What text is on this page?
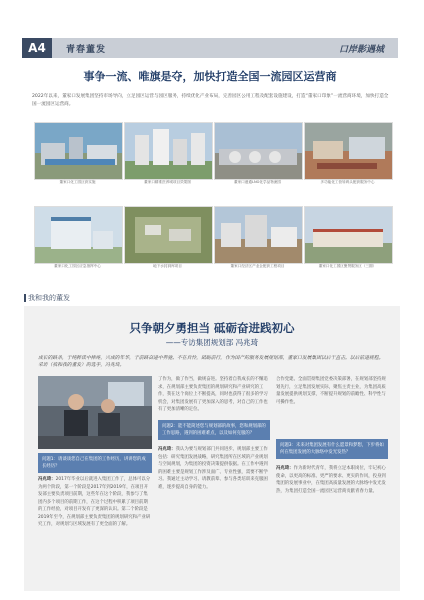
A4	青春董发	口岸影遇城
事争一流、唯旗是夺，加快打造全国一流园区运营商
2022年以来，董家口发展集团坚持市场导向，立足园区运营与园区服务，持续优化产业布局，完善园区公用工程及配套设施建设，打造“董家口印象”一流营商环境，加快打造全国一流园区运营商。
董家口化工园区套实施	董家口精准医养城项目效果图	董家口港通LNG化学品物流园	多功能化工营转码头配套服务中心
董家口化工园区应急指挥中心	地下水封洞库项目	董家口经济区产业企配套工程项目	董家口化工园区聚贤服务区（三期）
我和我的董发
只争朝夕勇担当 砥砺奋进践初心
——专访集团规划部 冯兆琦
成长的路条，于纯粹读中摔疼，兴成的年华，于前路奋进中奔驰。不在自怜，砥砺前行，作为国产的服务发展规划部，董家口发展集团以后干直击。以后前进规程。采访（我和我的董发）的选手，冯兆琦。
问题1：请谈谈您自己在集团的工作经历，讲讲您的成长经历？
冯兆琦：2017年毕业以后就进入集团工作了，总体可以分为两个阶段，第一个阶段是2017年到2019年，在项目开发部主要负责项目前期，这些年在这个阶段，我参与了集团内多个项目的前期工作，在这个过程中积累了项目前期的工作经验，对项目开发有了更深的认识。第二个阶段是2019年至今，在规划部主要负责集团的规划研究和产业研究工作，对规划与区域发展有了更全面的了解。
了作为，做了作当，做规奋进。坚持着自我成长的不懈追求，在规划部主要负责集团的规划研究和产业研究的工作，我在这个岗位上不断提高，同时也获得了很多的学习机会，对集团发展有了更加深入的思考，对自己的工作也有了更加清晰的定位。
问题2：能不能简述您与规划部的故事，您和规划部的工作思路，遇到的困难难点，以及如何克服的？
冯兆琦：我认为要与规划部门共同进步。规划部主要工作包括：研究集团发展战略，研究集团所在区域的产业规划与空间规划，为集团的投资决策提供依据。在工作中遇到的困难主要是规划工作涉及面广、专业性强，需要不断学习。我通过主动学习、请教前辈、参与各类培训来克服困难，逐步提高自身的能力。
合作党建。全面贯彻集团党委决策部署，在规划部坚持规划先行，立足集团发展实际，聚焦主责主业，为集团高质量发展提供规划支撑，不断提升规划的前瞻性、科学性与可操作性。
问题3：未来对集团发展有什么愿景和梦想，下步将如何在集团发展的大脉络中发光发热？
冯兆琦：作为新时代青年，我将立足本职岗位，牢记初心使命，以更高的标准、更严的要求、更实的作风，投身到集团的发展事业中，在集团高质量发展的大脉络中发光发热，为集团打造全国一流园区运营商贡献青春力量。
